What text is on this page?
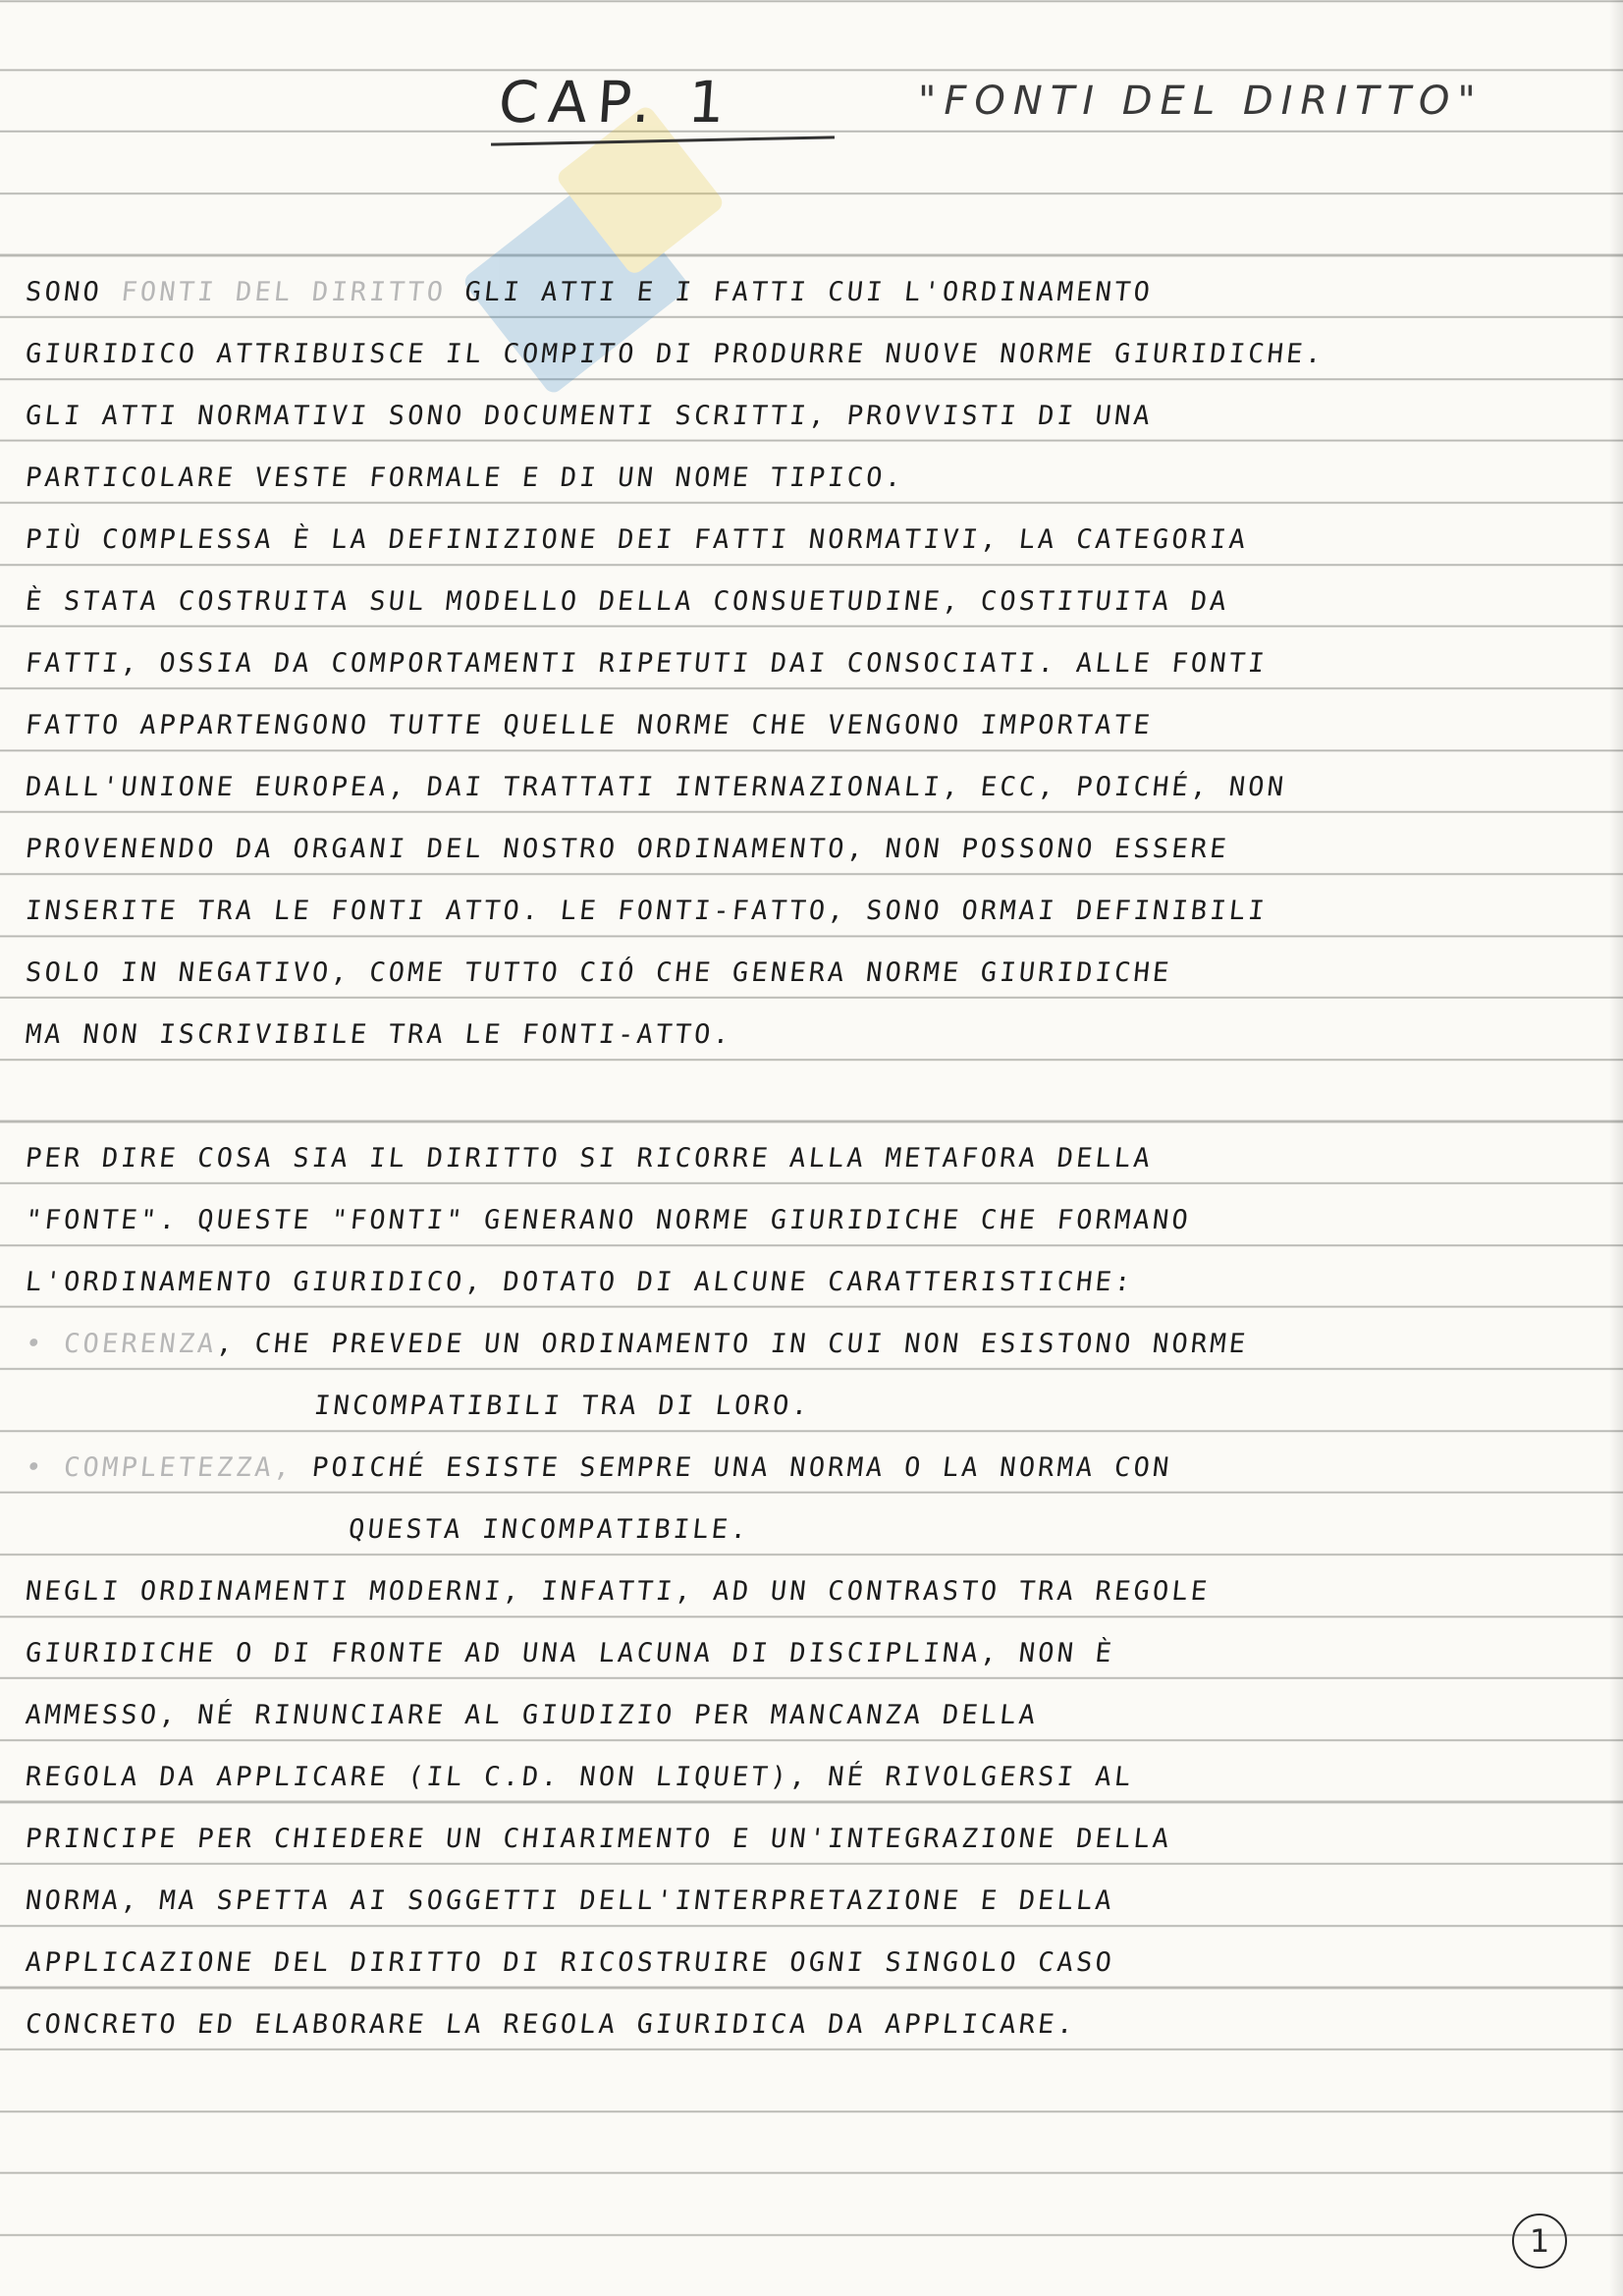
CAP. 1	"FONTI DEL DIRITTO"
SONO FONTI DEL DIRITTO GLI ATTI E I FATTI CUI L'ORDINAMENTO
GIURIDICO ATTRIBUISCE IL COMPITO DI PRODURRE NUOVE NORME GIURIDICHE.
GLI ATTI NORMATIVI SONO DOCUMENTI SCRITTI, PROVVISTI DI UNA
PARTICOLARE VESTE FORMALE E DI UN NOME TIPICO.
PIÙ COMPLESSA È LA DEFINIZIONE DEI FATTI NORMATIVI, LA CATEGORIA
È STATA COSTRUITA SUL MODELLO DELLA CONSUETUDINE, COSTITUITA DA
FATTI, OSSIA DA COMPORTAMENTI RIPETUTI DAI CONSOCIATI. ALLE FONTI
FATTO APPARTENGONO TUTTE QUELLE NORME CHE VENGONO IMPORTATE
DALL'UNIONE EUROPEA, DAI TRATTATI INTERNAZIONALI, ECC, POICHÉ, NON
PROVENENDO DA ORGANI DEL NOSTRO ORDINAMENTO, NON POSSONO ESSERE
INSERITE TRA LE FONTI ATTO. LE FONTI-FATTO, SONO ORMAI DEFINIBILI
SOLO IN NEGATIVO, COME TUTTO CIÓ CHE GENERA NORME GIURIDICHE
MA NON ISCRIVIBILE TRA LE FONTI-ATTO.
PER DIRE COSA SIA IL DIRITTO SI RICORRE ALLA METAFORA DELLA
"FONTE". QUESTE "FONTI" GENERANO NORME GIURIDICHE CHE FORMANO
L'ORDINAMENTO GIURIDICO, DOTATO DI ALCUNE CARATTERISTICHE:
• COERENZA, CHE PREVEDE UN ORDINAMENTO IN CUI NON ESISTONO NORME
INCOMPATIBILI TRA DI LORO.
• COMPLETEZZA, POICHÉ ESISTE SEMPRE UNA NORMA O LA NORMA CON
QUESTA INCOMPATIBILE.
NEGLI ORDINAMENTI MODERNI, INFATTI, AD UN CONTRASTO TRA REGOLE
GIURIDICHE O DI FRONTE AD UNA LACUNA DI DISCIPLINA, NON È
AMMESSO, NÉ RINUNCIARE AL GIUDIZIO PER MANCANZA DELLA
REGOLA DA APPLICARE (IL C.D. NON LIQUET), NÉ RIVOLGERSI AL
PRINCIPE PER CHIEDERE UN CHIARIMENTO E UN'INTEGRAZIONE DELLA
NORMA, MA SPETTA AI SOGGETTI DELL'INTERPRETAZIONE E DELLA
APPLICAZIONE DEL DIRITTO DI RICOSTRUIRE OGNI SINGOLO CASO
CONCRETO ED ELABORARE LA REGOLA GIURIDICA DA APPLICARE.
1
